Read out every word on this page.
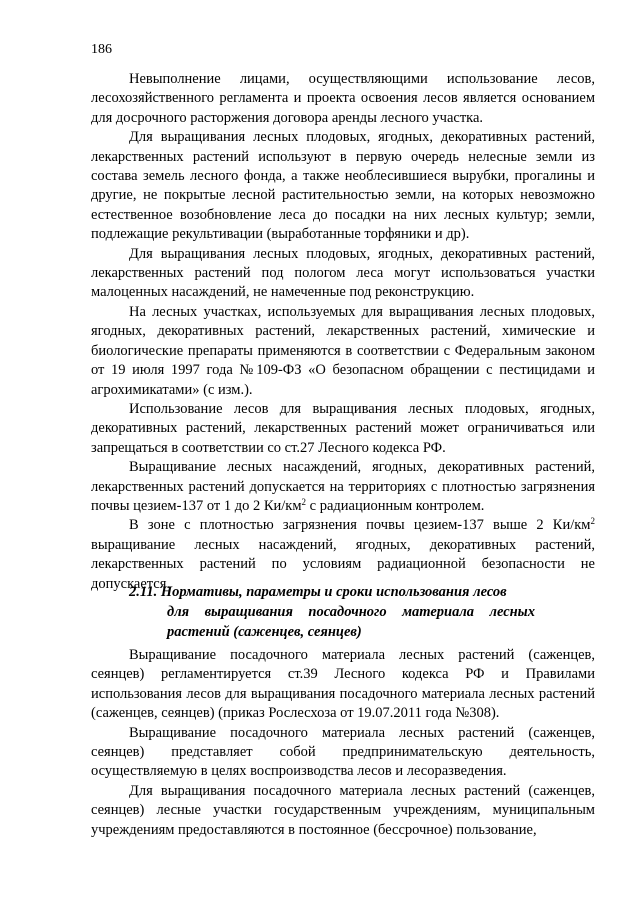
186

Невыполнение лицами, осуществляющими использование лесов, лесохозяйственного регламента и проекта освоения лесов является основанием для досрочного расторжения договора аренды лесного участка.

Для выращивания лесных плодовых, ягодных, декоративных растений, лекарственных растений используют в первую очередь нелесные земли из состава земель лесного фонда, а также необлесившиеся вырубки, прогалины и другие, не покрытые лесной растительностью земли, на которых невозможно естественное возобновление леса до посадки на них лесных культур; земли, подлежащие рекультивации (выработанные торфяники и др).

Для выращивания лесных плодовых, ягодных, декоративных растений, лекарственных растений под пологом леса могут использоваться участки малоценных насаждений, не намеченные под реконструкцию.

На лесных участках, используемых для выращивания лесных плодовых, ягодных, декоративных растений, лекарственных растений, химические и биологические препараты применяются в соответствии с Федеральным законом от 19 июля 1997 года №109-ФЗ «О безопасном обращении с пестицидами и агрохимикатами» (с изм.).

Использование лесов для выращивания лесных плодовых, ягодных, декоративных растений, лекарственных растений может ограничиваться или запрещаться в соответствии со ст.27 Лесного кодекса РФ.

Выращивание лесных насаждений, ягодных, декоративных растений, лекарственных растений допускается на территориях с плотностью загрязнения почвы цезием-137 от 1 до 2 $Ки/км^2$ с радиационным контролем.

В зоне с плотностью загрязнения почвы цезием-137 выше 2 $Ки/км^2$ выращивание лесных насаждений, ягодных, декоративных растений, лекарственных растений по условиям радиационной безопасности не допускается.

2.11. Нормативы, параметры и сроки использования лесов
для выращивания посадочного материала лесных растений (саженцев, сеянцев)

Выращивание посадочного материала лесных растений (саженцев, сеянцев) регламентируется ст.39 Лесного кодекса РФ и Правилами использования лесов для выращивания посадочного материала лесных растений (саженцев, сеянцев) (приказ Рослесхоза от 19.07.2011 года №308).

Выращивание посадочного материала лесных растений (саженцев, сеянцев) представляет собой предпринимательскую деятельность, осуществляемую в целях воспроизводства лесов и лесоразведения.

Для выращивания посадочного материала лесных растений (саженцев, сеянцев) лесные участки государственным учреждениям, муниципальным учреждениям предоставляются в постоянное (бессрочное) пользование,
